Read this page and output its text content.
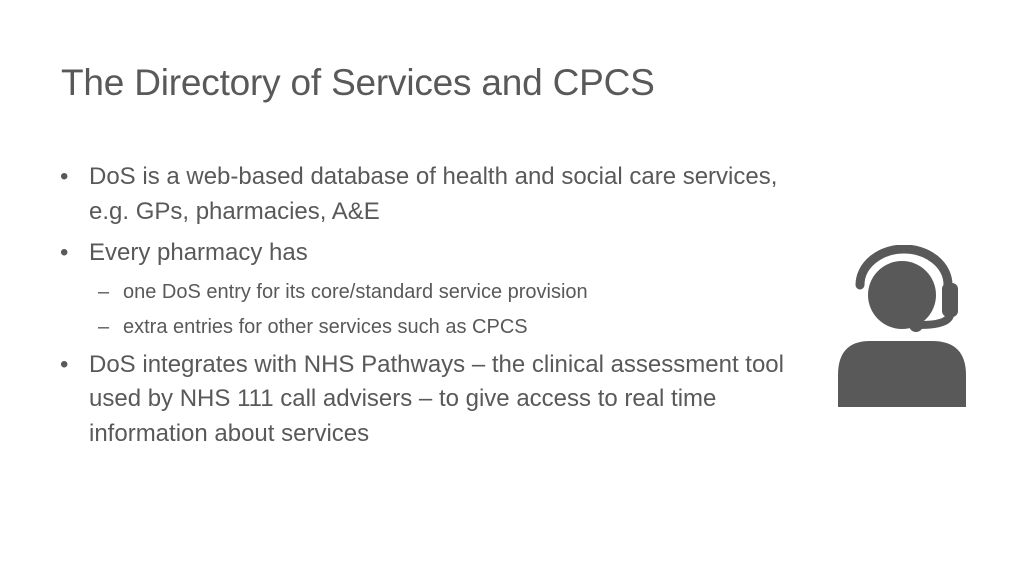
The Directory of Services and CPCS
• DoS is a web-based database of health and social care services, e.g. GPs, pharmacies, A&E
• Every pharmacy has
– one DoS entry for its core/standard service provision
– extra entries for other services such as CPCS
• DoS integrates with NHS Pathways – the clinical assessment tool used by NHS 111 call advisers – to give access to real time information about services
